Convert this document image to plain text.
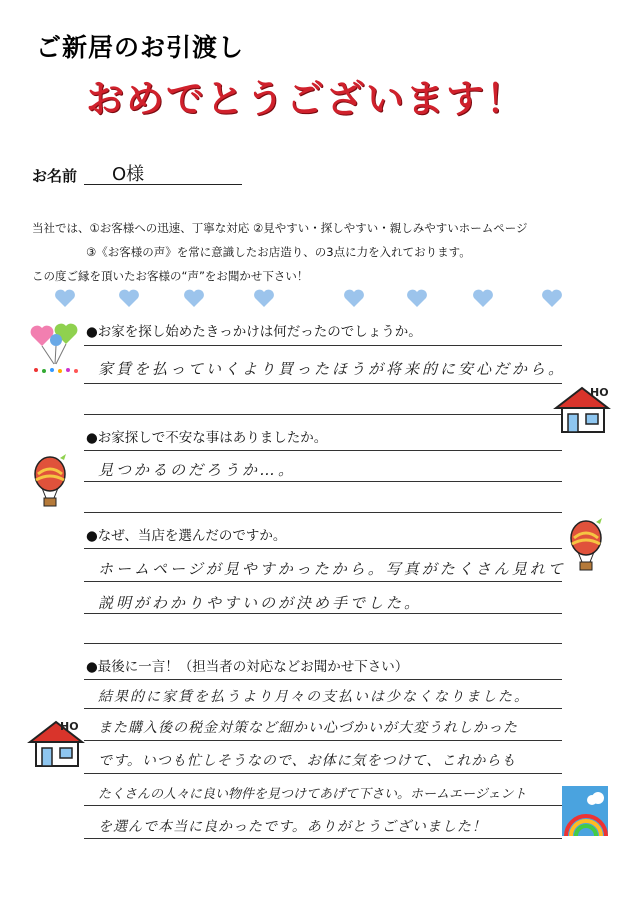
ご新居のお引渡し
おめでとうございます！
お名前 O様
当社では、①お客様への迅速、丁寧な対応 ②見やすい・探しやすい・親しみやすいホームページ
③《お客様の声》を常に意識したお店造り、の3点に力を入れております。
この度ご縁を頂いたお客様の“声”をお聞かせ下さい！
●お家を探し始めたきっかけは何だったのでしょうか。
家賃を払っていくより買ったほうが将来的に安心だから。
●お家探しで不安な事はありましたか。
見つかるのだろうか…。
●なぜ、当店を選んだのですか。
ホームページが見やすかったから。写真がたくさん見れて
説明がわかりやすいのが決め手でした。
●最後に一言！（担当者の対応などお聞かせ下さい）
結果的に家賃を払うより月々の支払いは少なくなりました。
また購入後の税金対策など細かい心づかいが大変うれしかった
です。いつも忙しそうなので、お体に気をつけて、これからも
たくさんの人々に良い物件を見つけてあげて下さい。ホームエージェント
を選んで本当に良かったです。ありがとうございました！
HO
HO
